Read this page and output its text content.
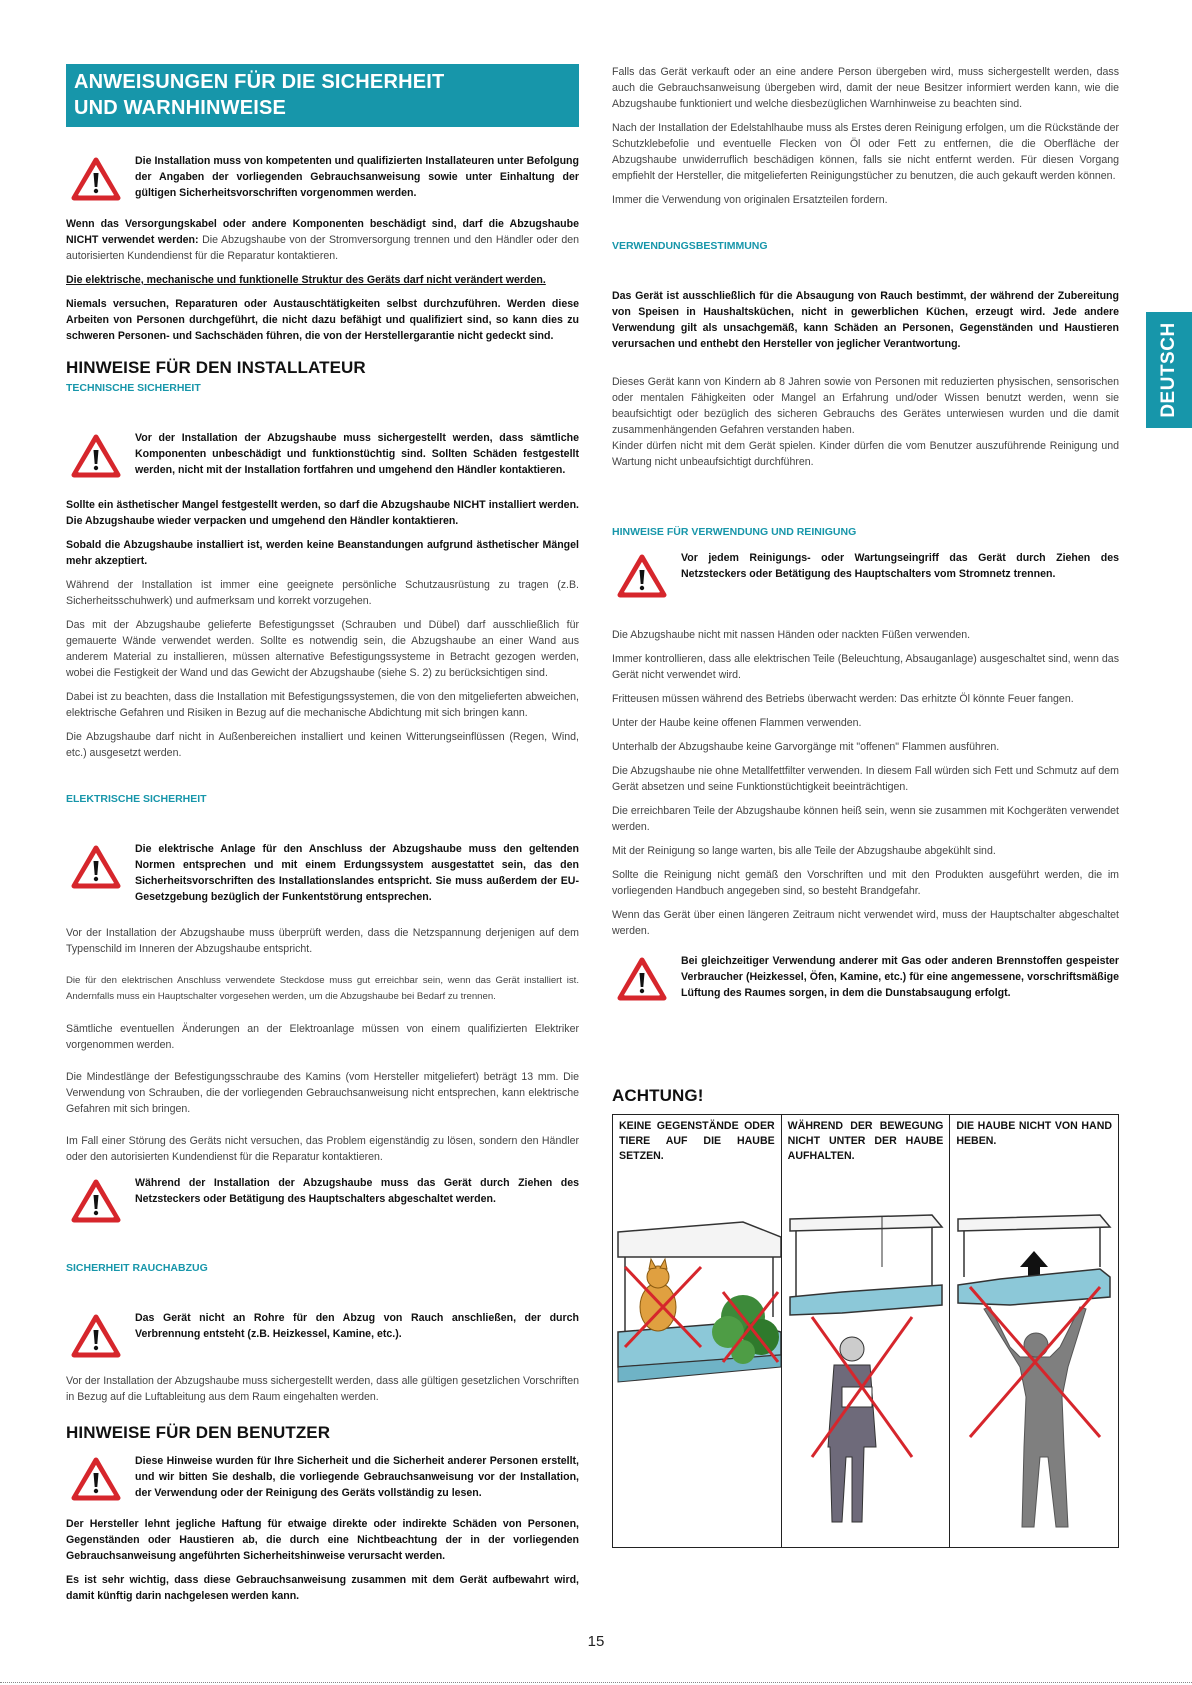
ANWEISUNGEN FÜR DIE SICHERHEIT
UND WARNHINWEISE
Die Installation muss von kompetenten und qualifizierten Installateuren unter Befolgung der Angaben der vorliegenden Gebrauchsanweisung sowie unter Einhaltung der gültigen Sicherheitsvorschriften vorgenommen werden.

Wenn das Versorgungskabel oder andere Komponenten beschädigt sind, darf die Abzugshaube NICHT verwendet werden: Die Abzugshaube von der Stromversorgung trennen und den Händler oder den autorisierten Kundendienst für die Reparatur kontaktieren.

Die elektrische, mechanische und funktionelle Struktur des Geräts darf nicht verändert werden.

Niemals versuchen, Reparaturen oder Austauschtätigkeiten selbst durchzuführen. Werden diese Arbeiten von Personen durchgeführt, die nicht dazu befähigt und qualifiziert sind, so kann dies zu schweren Personen- und Sachschäden führen, die von der Herstellergarantie nicht gedeckt sind.

HINWEISE FÜR DEN INSTALLATEUR
TECHNISCHE SICHERHEIT
Vor der Installation der Abzugshaube muss sichergestellt werden, dass sämtliche Komponenten unbeschädigt und funktionstüchtig sind. Sollten Schäden festgestellt werden, nicht mit der Installation fortfahren und umgehend den Händler kontaktieren.

Sollte ein ästhetischer Mangel festgestellt werden, so darf die Abzugshaube NICHT installiert werden. Die Abzugshaube wieder verpacken und umgehend den Händler kontaktieren.

Sobald die Abzugshaube installiert ist, werden keine Beanstandungen aufgrund ästhetischer Mängel mehr akzeptiert.

Während der Installation ist immer eine geeignete persönliche Schutzausrüstung zu tragen (z.B. Sicherheitsschuhwerk) und aufmerksam und korrekt vorzugehen.

Das mit der Abzugshaube gelieferte Befestigungsset (Schrauben und Dübel) darf ausschließlich für gemauerte Wände verwendet werden. Sollte es notwendig sein, die Abzugshaube an einer Wand aus anderem Material zu installieren, müssen alternative Befestigungssysteme in Betracht gezogen werden, wobei die Festigkeit der Wand und das Gewicht der Abzugshaube (siehe S. 2) zu berücksichtigen sind.

Dabei ist zu beachten, dass die Installation mit Befestigungssystemen, die von den mitgelieferten abweichen, elektrische Gefahren und Risiken in Bezug auf die mechanische Abdichtung mit sich bringen kann.

Die Abzugshaube darf nicht in Außenbereichen installiert und keinen Witterungseinflüssen (Regen, Wind, etc.) ausgesetzt werden.

ELEKTRISCHE SICHERHEIT
Die elektrische Anlage für den Anschluss der Abzugshaube muss den geltenden Normen entsprechen und mit einem Erdungssystem ausgestattet sein, das den Sicherheitsvorschriften des Installationslandes entspricht. Sie muss außerdem der EU-Gesetzgebung bezüglich der Funkentstörung entsprechen.

Vor der Installation der Abzugshaube muss überprüft werden, dass die Netzspannung derjenigen auf dem Typenschild im Inneren der Abzugshaube entspricht.

Die für den elektrischen Anschluss verwendete Steckdose muss gut erreichbar sein, wenn das Gerät installiert ist. Andernfalls muss ein Hauptschalter vorgesehen werden, um die Abzugshaube bei Bedarf zu trennen.

Sämtliche eventuellen Änderungen an der Elektroanlage müssen von einem qualifizierten Elektriker vorgenommen werden.

Die Mindestlänge der Befestigungsschraube des Kamins (vom Hersteller mitgeliefert) beträgt 13 mm. Die Verwendung von Schrauben, die der vorliegenden Gebrauchsanweisung nicht entsprechen, kann elektrische Gefahren mit sich bringen.

Im Fall einer Störung des Geräts nicht versuchen, das Problem eigenständig zu lösen, sondern den Händler oder den autorisierten Kundendienst für die Reparatur kontaktieren.

Während der Installation der Abzugshaube muss das Gerät durch Ziehen des Netzsteckers oder Betätigung des Hauptschalters abgeschaltet werden.
SICHERHEIT RAUCHABZUG
Das Gerät nicht an Rohre für den Abzug von Rauch anschließen, der durch Verbrennung entsteht (z.B. Heizkessel, Kamine, etc.).

Vor der Installation der Abzugshaube muss sichergestellt werden, dass alle gültigen gesetzlichen Vorschriften in Bezug auf die Luftableitung aus dem Raum eingehalten werden.

HINWEISE FÜR DEN BENUTZER
Diese Hinweise wurden für Ihre Sicherheit und die Sicherheit anderer Personen erstellt, und wir bitten Sie deshalb, die vorliegende Gebrauchsanweisung vor der Installation, der Verwendung oder der Reinigung des Geräts vollständig zu lesen.

Der Hersteller lehnt jegliche Haftung für etwaige direkte oder indirekte Schäden von Personen, Gegenständen oder Haustieren ab, die durch eine Nichtbeachtung der in der vorliegenden Gebrauchsanweisung angeführten Sicherheitshinweise verursacht werden.

Es ist sehr wichtig, dass diese Gebrauchsanweisung zusammen mit dem Gerät aufbewahrt wird, damit künftig darin nachgelesen werden kann.

Falls das Gerät verkauft oder an eine andere Person übergeben wird, muss sichergestellt werden, dass auch die Gebrauchsanweisung übergeben wird, damit der neue Besitzer informiert werden kann, wie die Abzugshaube funktioniert und welche diesbezüglichen Warnhinweise zu beachten sind.

Nach der Installation der Edelstahlhaube muss als Erstes deren Reinigung erfolgen, um die Rückstände der Schutzklebefolie und eventuelle Flecken von Öl oder Fett zu entfernen, die die Oberfläche der Abzugshaube unwiderruflich beschädigen können, falls sie nicht entfernt werden. Für diesen Vorgang empfiehlt der Hersteller, die mitgelieferten Reinigungstücher zu benutzen, die auch gekauft werden können.

Immer die Verwendung von originalen Ersatzteilen fordern.

VERWENDUNGSBESTIMMUNG

Das Gerät ist ausschließlich für die Absaugung von Rauch bestimmt, der während der Zubereitung von Speisen in Haushaltsküchen, nicht in gewerblichen Küchen, erzeugt wird. Jede andere Verwendung gilt als unsachgemäß, kann Schäden an Personen, Gegenständen und Haustieren verursachen und enthebt den Hersteller von jeglicher Verantwortung.

Dieses Gerät kann von Kindern ab 8 Jahren sowie von Personen mit reduzierten physischen, sensorischen oder mentalen Fähigkeiten oder Mangel an Erfahrung und/oder Wissen benutzt werden, wenn sie beaufsichtigt oder bezüglich des sicheren Gebrauchs des Gerätes unterwiesen wurden und die damit zusammenhängenden Gefahren verstanden haben.

Kinder dürfen nicht mit dem Gerät spielen. Kinder dürfen die vom Benutzer auszuführende Reinigung und Wartung nicht unbeaufsichtigt durchführen.

HINWEISE FÜR VERWENDUNG UND REINIGUNG
Vor jedem Reinigungs- oder Wartungseingriff das Gerät durch Ziehen des Netzsteckers oder Betätigung des Hauptschalters vom Stromnetz trennen.

Die Abzugshaube nicht mit nassen Händen oder nackten Füßen verwenden.

Immer kontrollieren, dass alle elektrischen Teile (Beleuchtung, Absauganlage) ausgeschaltet sind, wenn das Gerät nicht verwendet wird.

Fritteusen müssen während des Betriebs überwacht werden: Das erhitzte Öl könnte Feuer fangen.

Unter der Haube keine offenen Flammen verwenden.

Unterhalb der Abzugshaube keine Garvorgänge mit "offenen" Flammen ausführen.

Die Abzugshaube nie ohne Metallfettfilter verwenden. In diesem Fall würden sich Fett und Schmutz auf dem Gerät absetzen und seine Funktionstüchtigkeit beeinträchtigen.

Die erreichbaren Teile der Abzugshaube können heiß sein, wenn sie zusammen mit Kochgeräten verwendet werden.

Mit der Reinigung so lange warten, bis alle Teile der Abzugshaube abgekühlt sind.

Sollte die Reinigung nicht gemäß den Vorschriften und mit den Produkten ausgeführt werden, die im vorliegenden Handbuch angegeben sind, so besteht Brandgefahr.

Wenn das Gerät über einen längeren Zeitraum nicht verwendet wird, muss der Hauptschalter abgeschaltet werden.

Bei gleichzeitiger Verwendung anderer mit Gas oder anderen Brennstoffen gespeister Verbraucher (Heizkessel, Öfen, Kamine, etc.) für eine angemessene, vorschriftsmäßige Lüftung des Raumes sorgen, in dem die Dunstabsaugung erfolgt.
ACHTUNG!
KEINE GEGENSTÄNDE ODER TIERE AUF DIE HAUBE SETZEN.
WÄHREND DER BEWEGUNG NICHT UNTER DER HAUBE AUFHALTEN.
DIE HAUBE NICHT VON HAND HEBEN.
DEUTSCH
15
